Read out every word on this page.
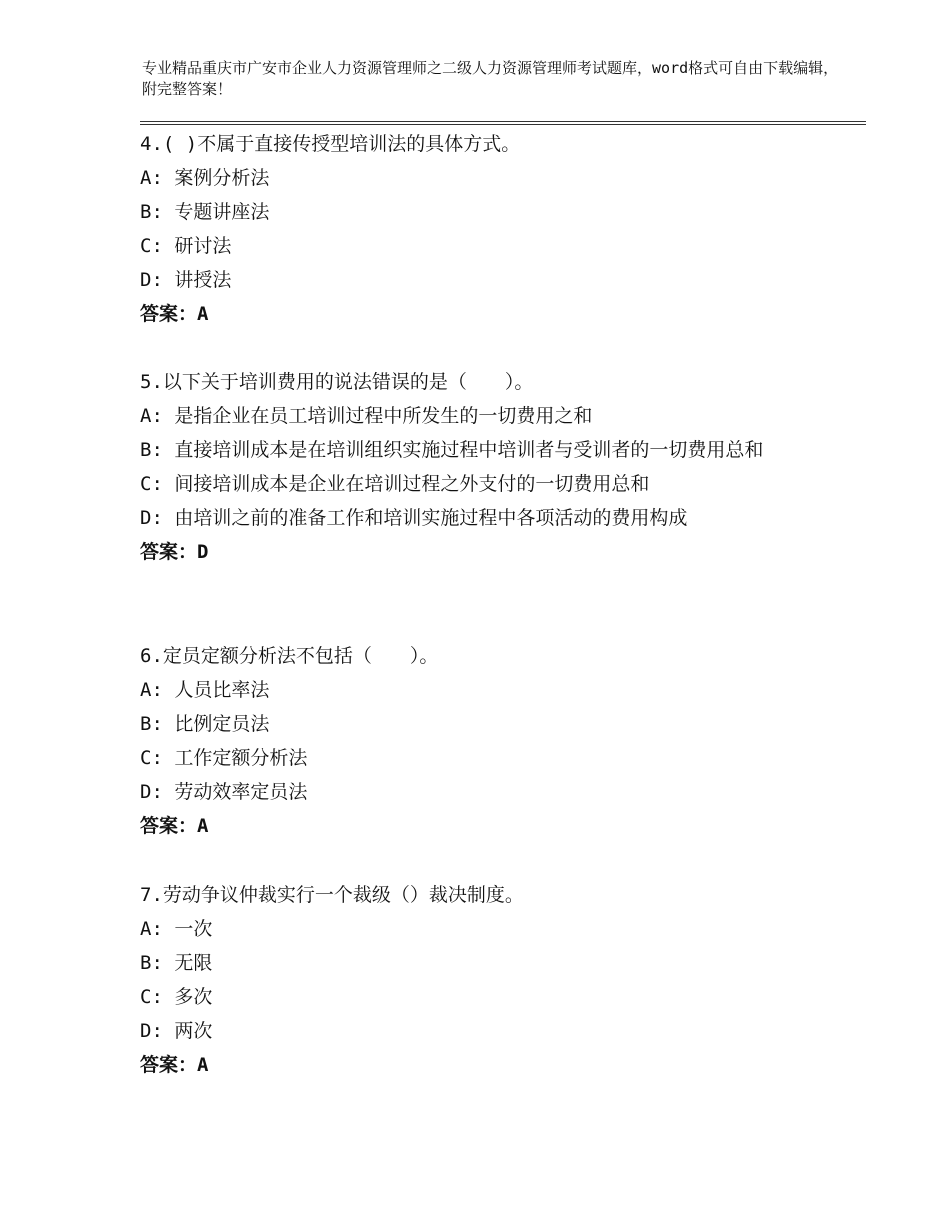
专业精品重庆市广安市企业人力资源管理师之二级人力资源管理师考试题库，word格式可自由下载编辑，附完整答案！
4.( )不属于直接传授型培训法的具体方式。
A: 案例分析法
B: 专题讲座法
C: 研讨法
D: 讲授法
答案：A
5.以下关于培训费用的说法错误的是（　　）。
A: 是指企业在员工培训过程中所发生的一切费用之和
B: 直接培训成本是在培训组织实施过程中培训者与受训者的一切费用总和
C: 间接培训成本是企业在培训过程之外支付的一切费用总和
D: 由培训之前的准备工作和培训实施过程中各项活动的费用构成
答案：D
6.定员定额分析法不包括（　　）。
A: 人员比率法
B: 比例定员法
C: 工作定额分析法
D: 劳动效率定员法
答案：A
7.劳动争议仲裁实行一个裁级（）裁决制度。
A: 一次
B: 无限
C: 多次
D: 两次
答案：A
